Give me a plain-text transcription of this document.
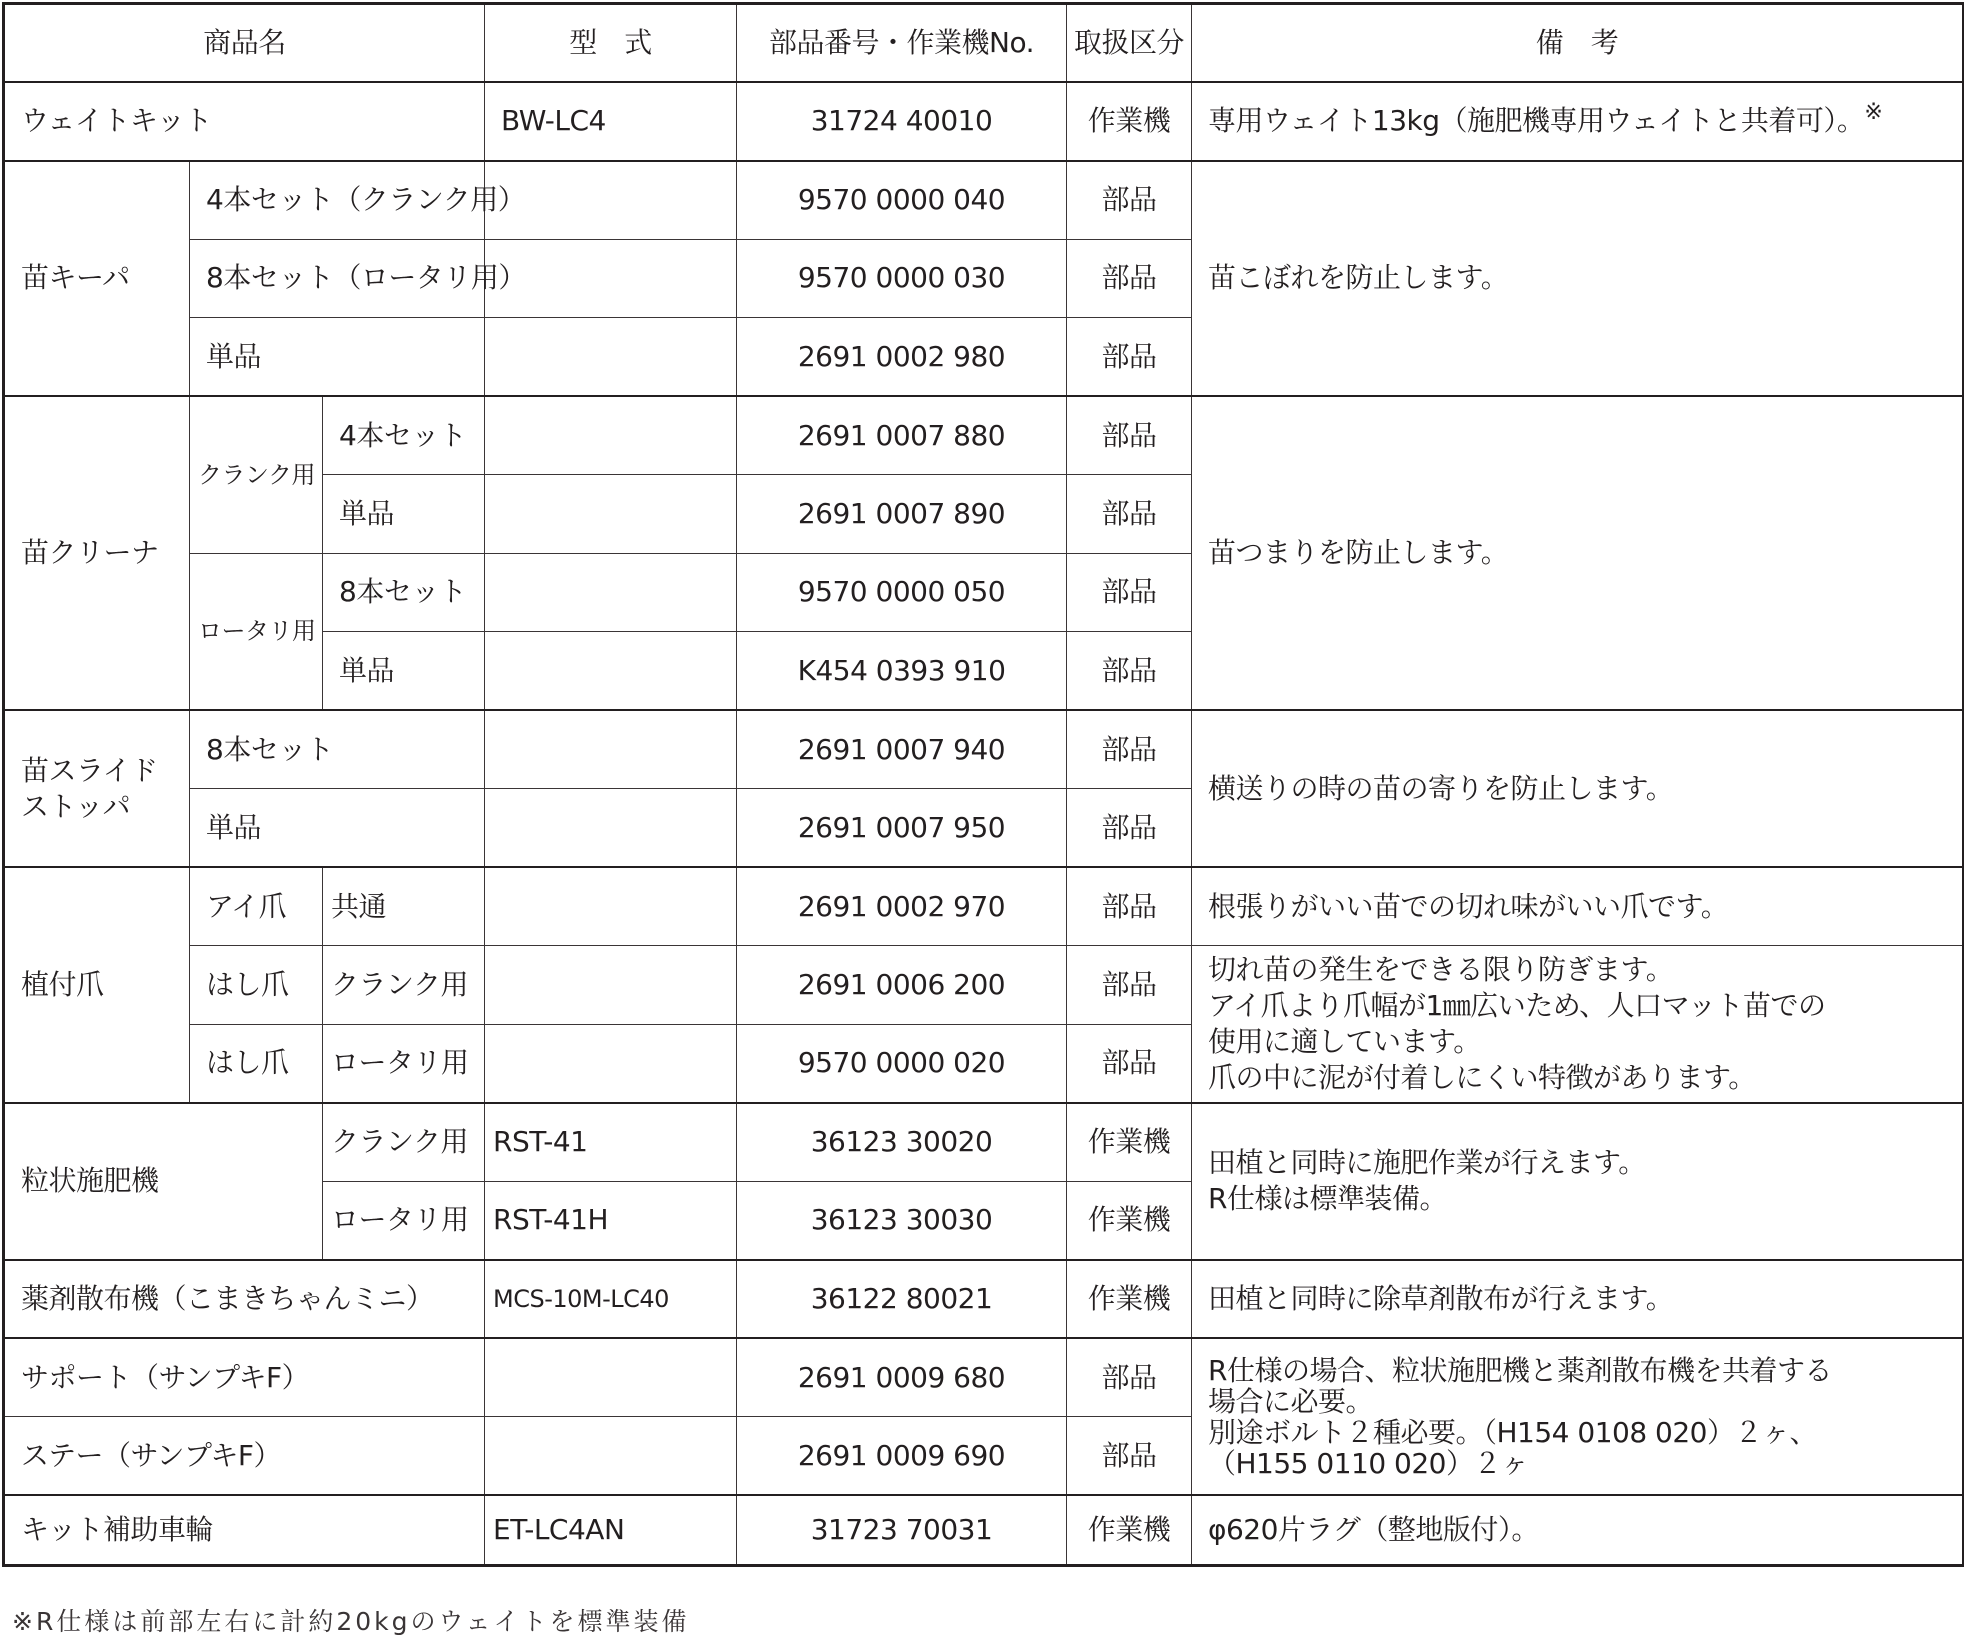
商品名			型　式	部品番号・作業機No.	取扱区分	備　考
ウェイトキット			BW-LC4	31724 40010	作業機	専用ウェイト13kg（施肥機専用ウェイトと共着可）。※
苗キーパ	4本セット（クランク用）			9570 0000 040	部品	苗こぼれを防止します。
	8本セット（ロータリ用）			9570 0000 030	部品	
	単品			2691 0002 980	部品	
苗クリーナ	クランク用	4本セット		2691 0007 880	部品	苗つまりを防止します。
		単品		2691 0007 890	部品	
	ロータリ用	8本セット		9570 0000 050	部品	
		単品		K454 0393 910	部品	
苗スライド
ストッパ	8本セット			2691 0007 940	部品	横送りの時の苗の寄りを防止します。
	単品			2691 0007 950	部品	
植付爪	アイ爪	共通		2691 0002 970	部品	根張りがいい苗での切れ味がいい爪です。
	はし爪	クランク用		2691 0006 200	部品	切れ苗の発生をできる限り防ぎます。
アイ爪より爪幅が1㎜広いため、人口マット苗での
使用に適しています。
爪の中に泥が付着しにくい特徴があります。
	はし爪	ロータリ用		9570 0000 020	部品	
粒状施肥機		クランク用	RST-41	36123 30020	作業機	田植と同時に施肥作業が行えます。
R仕様は標準装備。
		ロータリ用	RST-41H	36123 30030	作業機	
薬剤散布機（こまきちゃんミニ）			MCS-10M-LC40	36122 80021	作業機	田植と同時に除草剤散布が行えます。
サポート（サンプキF）				2691 0009 680	部品	R仕様の場合、粒状施肥機と薬剤散布機を共着する
場合に必要。
別途ボルト２種必要。（H154 0108 020）２ヶ、
（H155 0110 020）２ヶ
ステー（サンプキF）				2691 0009 690	部品	
キット補助車輪			ET-LC4AN	31723 70031	作業機	φ620片ラグ（整地版付）。
※R仕様は前部左右に計約20kgのウェイトを標準装備
